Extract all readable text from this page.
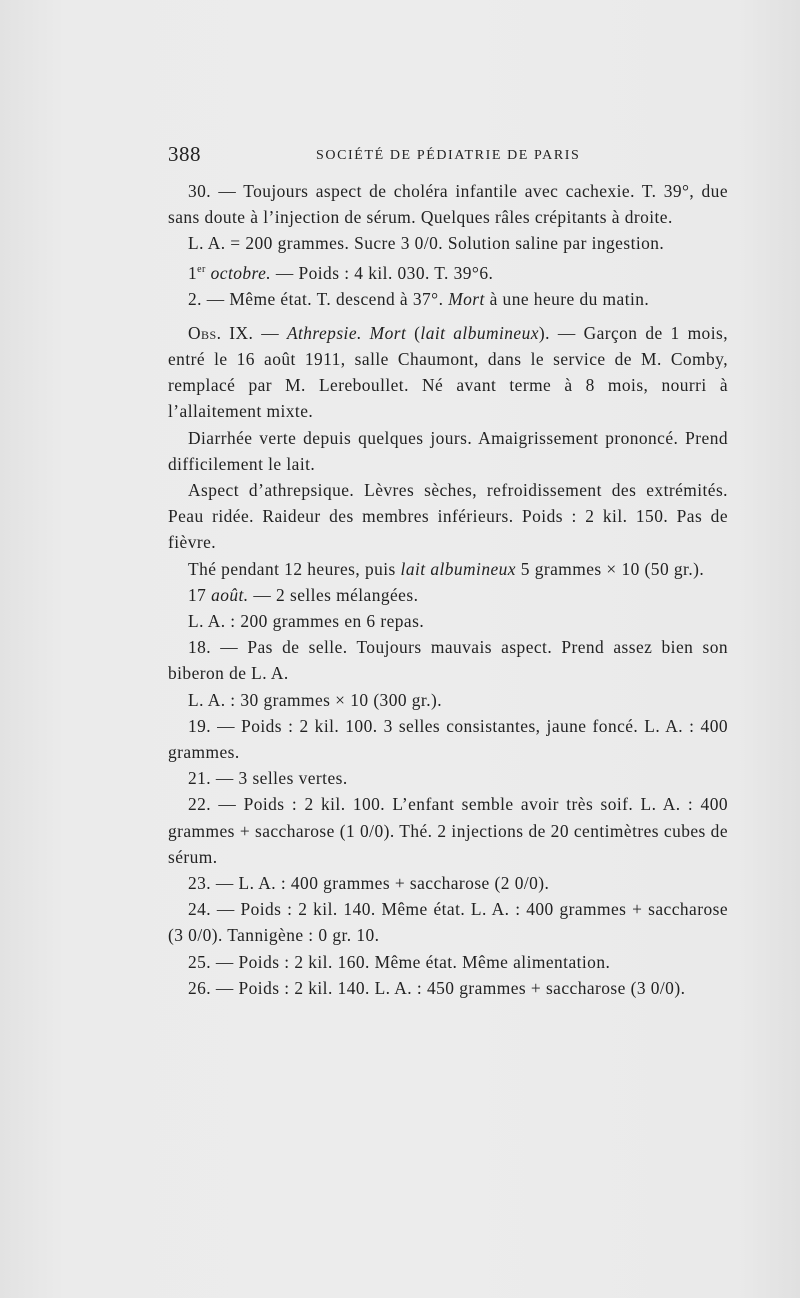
388	SOCIÉTÉ DE PÉDIATRIE DE PARIS

30. — Toujours aspect de choléra infantile avec cachexie. T. 39°, due sans doute à l’injection de sérum. Quelques râles crépitants à droite.

L. A. = 200 grammes. Sucre 3 0/0. Solution saline par ingestion.

1er octobre. — Poids : 4 kil. 030. T. 39°6.

2. — Même état. T. descend à 37°. Mort à une heure du matin.

Obs. IX. — Athrepsie. Mort (lait albumineux). — Garçon de 1 mois, entré le 16 août 1911, salle Chaumont, dans le service de M. Comby, remplacé par M. Lereboullet. Né avant terme à 8 mois, nourri à l’allaitement mixte.

Diarrhée verte depuis quelques jours. Amaigrissement prononcé. Prend difficilement le lait.

Aspect d’athrepsique. Lèvres sèches, refroidissement des extrémités. Peau ridée. Raideur des membres inférieurs. Poids : 2 kil. 150. Pas de fièvre.

Thé pendant 12 heures, puis lait albumineux 5 grammes × 10 (50 gr.).

17 août. — 2 selles mélangées.

L. A. : 200 grammes en 6 repas.

18. — Pas de selle. Toujours mauvais aspect. Prend assez bien son biberon de L. A.

L. A. : 30 grammes × 10 (300 gr.).

19. — Poids : 2 kil. 100. 3 selles consistantes, jaune foncé. L. A. : 400 grammes.

21. — 3 selles vertes.

22. — Poids : 2 kil. 100. L’enfant semble avoir très soif. L. A. : 400 grammes + saccharose (1 0/0). Thé. 2 injections de 20 centimètres cubes de sérum.

23. — L. A. : 400 grammes + saccharose (2 0/0).

24. — Poids : 2 kil. 140. Même état. L. A. : 400 grammes + saccharose (3 0/0). Tannigène : 0 gr. 10.

25. — Poids : 2 kil. 160. Même état. Même alimentation.

26. — Poids : 2 kil. 140. L. A. : 450 grammes + saccharose (3 0/0).
